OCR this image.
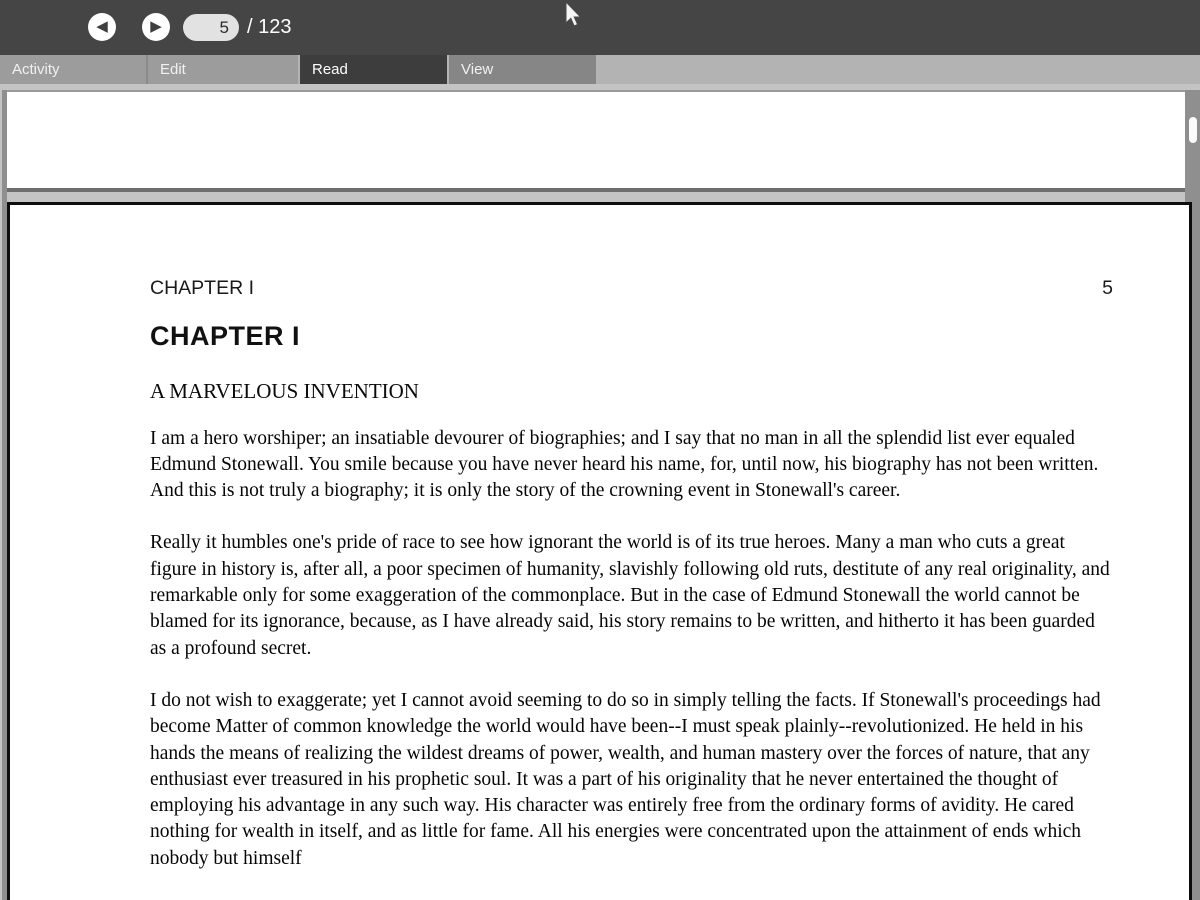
◀	▶
5	/ 123
Activity	Edit	Read	View
CHAPTER I	5
CHAPTER I
A MARVELOUS INVENTION

I am a hero worshiper; an insatiable devourer of biographies; and I say that no man in all the splendid list ever equaled Edmund Stonewall. You smile because you have never heard his name, for, until now, his biography has not been written. And this is not truly a biography; it is only the story of the crowning event in Stonewall's career.

Really it humbles one's pride of race to see how ignorant the world is of its true heroes. Many a man who cuts a great figure in history is, after all, a poor specimen of humanity, slavishly following old ruts, destitute of any real originality, and remarkable only for some exaggeration of the commonplace. But in the case of Edmund Stonewall the world cannot be blamed for its ignorance, because, as I have already said, his story remains to be written, and hitherto it has been guarded as a profound secret.

I do not wish to exaggerate; yet I cannot avoid seeming to do so in simply telling the facts. If Stonewall's proceedings had become Matter of common knowledge the world would have been--I must speak plainly--revolutionized. He held in his hands the means of realizing the wildest dreams of power, wealth, and human mastery over the forces of nature, that any enthusiast ever treasured in his prophetic soul. It was a part of his originality that he never entertained the thought of employing his advantage in any such way. His character was entirely free from the ordinary forms of avidity. He cared nothing for wealth in itself, and as little for fame. All his energies were concentrated upon the attainment of ends which nobody but himself
